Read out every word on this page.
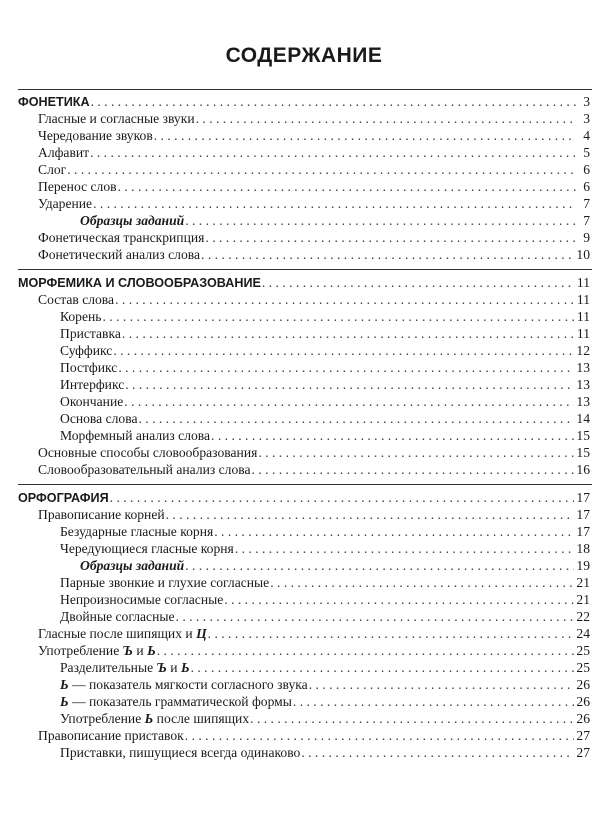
СОДЕРЖАНИЕ
ФОНЕТИКА . . .	3
Гласные и согласные звуки . . .	3
Чередование звуков . . .	4
Алфавит . . .	5
Слог . . .	6
Перенос слов . . .	6
Ударение . . .	7
Образцы заданий . . .	7
Фонетическая транскрипция . . .	9
Фонетический анализ слова . . .	10
МОРФЕМИКА И СЛОВООБРАЗОВАНИЕ . . .	11
Состав слова . . .	11
Корень . . .	11
Приставка . . .	11
Суффикс . . .	12
Постфикс . . .	13
Интерфикс . . .	13
Окончание . . .	13
Основа слова . . .	14
Морфемный анализ слова . . .	15
Основные способы словообразования . . .	15
Словообразовательный анализ слова . . .	16
ОРФОГРАФИЯ . . .	17
Правописание корней . . .	17
Безударные гласные корня . . .	17
Чередующиеся гласные корня . . .	18
Образцы заданий . . .	19
Парные звонкие и глухие согласные . . .	21
Непроизносимые согласные . . .	21
Двойные согласные . . .	22
Гласные после шипящих и Ц . . .	24
Употребление Ъ и Ь . . .	25
Разделительные Ъ и Ь . . .	25
Ь — показатель мягкости согласного звука . . .	26
Ь — показатель грамматической формы . . .	26
Употребление Ь после шипящих . . .	26
Правописание приставок . . .	27
Приставки, пишущиеся всегда одинаково . . .	27
